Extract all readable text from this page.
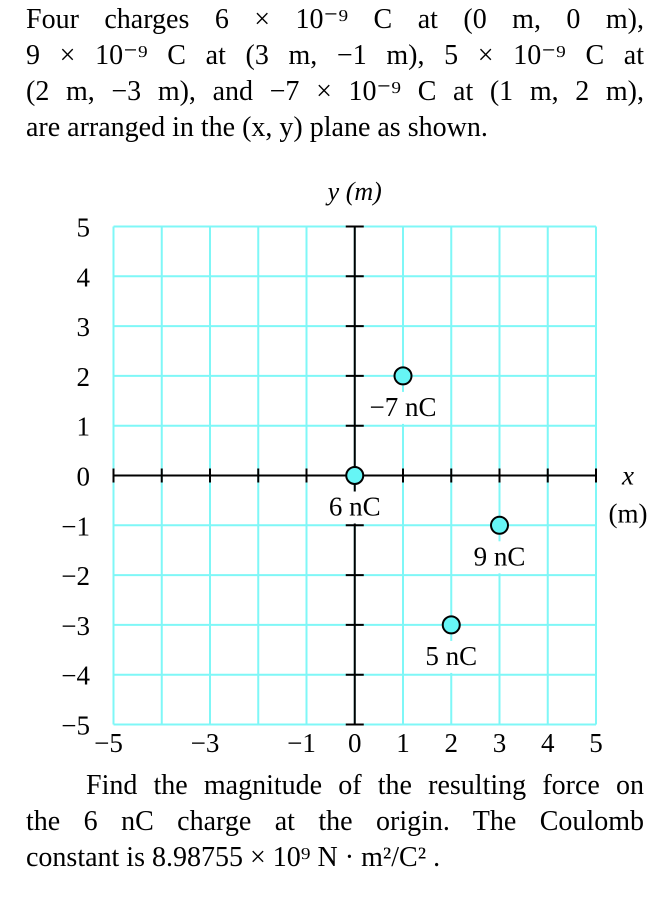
Four charges 6 × 10⁻⁹ C at (0 m, 0 m),
9 × 10⁻⁹ C at (3 m, −1 m), 5 × 10⁻⁹ C at
(2 m, −3 m), and −7 × 10⁻⁹ C at (1 m, 2 m),
are arranged in the (x, y) plane as shown.
y (m)
x
(m)
5
4
3
2
1
0
−1
−2
−3
−4
−5
−5	−3	−1 0 1 2 3 4 5
6 nC
9 nC
5 nC
−7 nC
Find the magnitude of the resulting force on
the 6 nC charge at the origin. The Coulomb
constant is 8.98755 × 10⁹ N · m²/C² .
